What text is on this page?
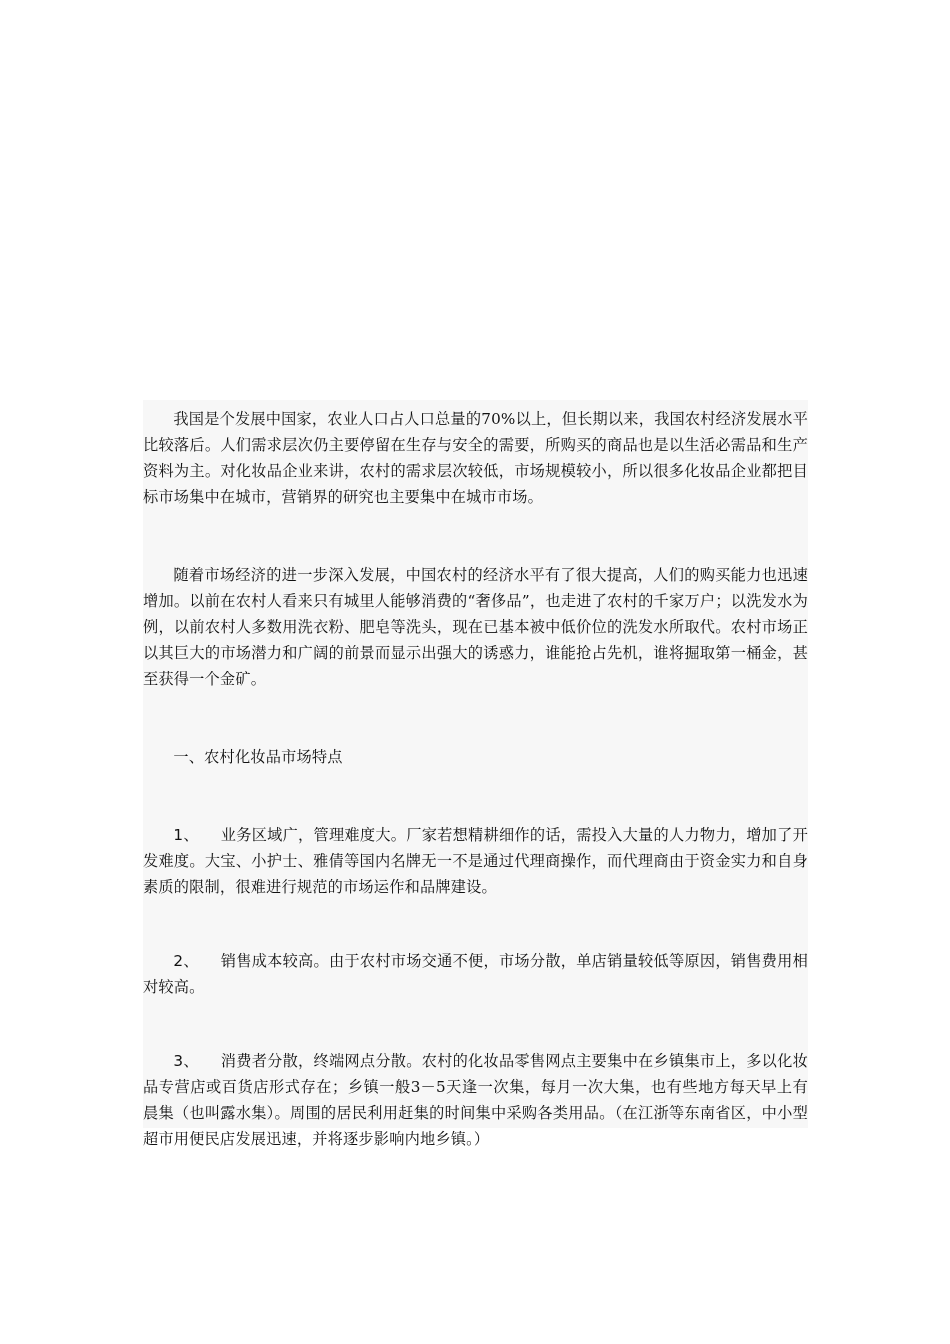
我国是个发展中国家，农业人口占人口总量的70%以上，但长期以来，我国农村经济发展水平比较落后。人们需求层次仍主要停留在生存与安全的需要，所购买的商品也是以生活必需品和生产资料为主。对化妆品企业来讲，农村的需求层次较低，市场规模较小，所以很多化妆品企业都把目标市场集中在城市，营销界的研究也主要集中在城市市场。

随着市场经济的进一步深入发展，中国农村的经济水平有了很大提高，人们的购买能力也迅速增加。以前在农村人看来只有城里人能够消费的“奢侈品”，也走进了农村的千家万户；以洗发水为例，以前农村人多数用洗衣粉、肥皂等洗头，现在已基本被中低价位的洗发水所取代。农村市场正以其巨大的市场潜力和广阔的前景而显示出强大的诱惑力，谁能抢占先机，谁将掘取第一桶金，甚至获得一个金矿。

一、农村化妆品市场特点

1、 业务区域广，管理难度大。厂家若想精耕细作的话，需投入大量的人力物力，增加了开发难度。大宝、小护士、雅倩等国内名牌无一不是通过代理商操作，而代理商由于资金实力和自身素质的限制，很难进行规范的市场运作和品牌建设。

2、 销售成本较高。由于农村市场交通不便，市场分散，单店销量较低等原因，销售费用相对较高。

3、 消费者分散，终端网点分散。农村的化妆品零售网点主要集中在乡镇集市上，多以化妆品专营店或百货店形式存在；乡镇一般3－5天逢一次集，每月一次大集，也有些地方每天早上有晨集（也叫露水集）。周围的居民利用赶集的时间集中采购各类用品。（在江浙等东南省区，中小型超市用便民店发展迅速，并将逐步影响内地乡镇。）
